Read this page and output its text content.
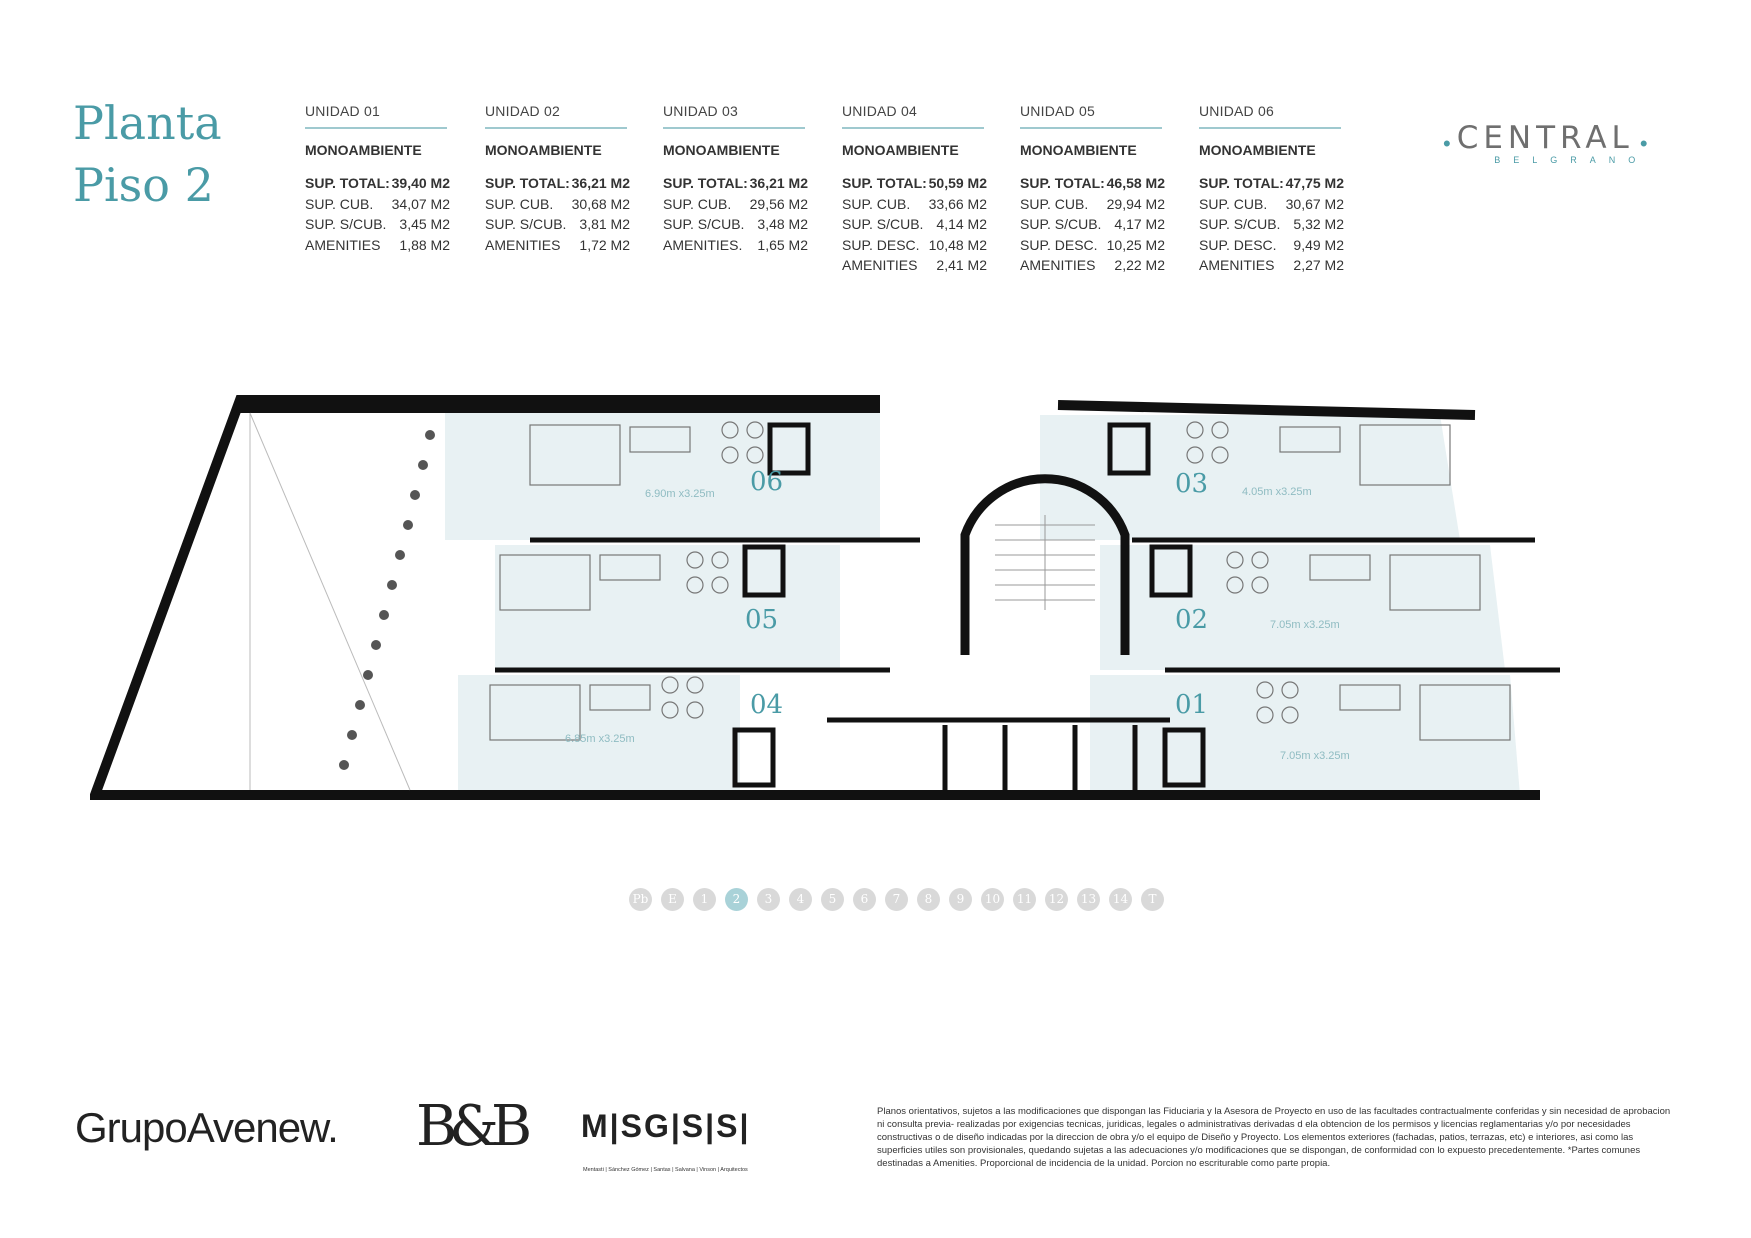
Planta
Piso 2
UNIDAD 01
MONOAMBIENTE
SUP. TOTAL: 39,40 M2
SUP. CUB. 34,07 M2
SUP. S/CUB. 3,45 M2
AMENITIES 1,88 M2
UNIDAD 02
MONOAMBIENTE
SUP. TOTAL: 36,21 M2
SUP. CUB. 30,68 M2
SUP. S/CUB. 3,81 M2
AMENITIES 1,72 M2
UNIDAD 03
MONOAMBIENTE
SUP. TOTAL: 36,21 M2
SUP. CUB. 29,56 M2
SUP. S/CUB. 3,48 M2
AMENITIES. 1,65 M2
UNIDAD 04
MONOAMBIENTE
SUP. TOTAL: 50,59 M2
SUP. CUB. 33,66 M2
SUP. S/CUB. 4,14 M2
SUP. DESC. 10,48 M2
AMENITIES 2,41 M2
UNIDAD 05
MONOAMBIENTE
SUP. TOTAL: 46,58 M2
SUP. CUB. 29,94 M2
SUP. S/CUB. 4,17 M2
SUP. DESC. 10,25 M2
AMENITIES 2,22 M2
UNIDAD 06
MONOAMBIENTE
SUP. TOTAL: 47,75 M2
SUP. CUB. 30,67 M2
SUP. S/CUB. 5,32 M2
SUP. DESC. 9,49 M2
AMENITIES 2,27 M2
• CENTRAL •
BELGRANO
06
05
04
03
02
01
6.90m x3.25m
6.85m x3.25m
4.05m x3.25m
7.05m x3.25m
7.05m x3.25m
Pb	E	1	2	3	4	5	6	7	8	9	10	11	12	13	14	T
GrupoAvenew. B&B M|SG|S|S|
Mentasti | Sánchez Gómez | Santas | Salvana | Vinson | Arquitectos
Planos orientativos, sujetos a las modificaciones que dispongan las Fiduciaria y la Asesora de Proyecto en uso de las facultades contractualmente conferidas y sin necesidad de aprobacion ni consulta previa- realizadas por exigencias tecnicas, juridicas, legales o administrativas derivadas d ela obtencion de los permisos y licencias reglamentarias y/o por necesidades constructivas o de diseño indicadas por la direccion de obra y/o el equipo de Diseño y Proyecto. Los elementos exteriores (fachadas, patios, terrazas, etc) e interiores, asi como las superficies utiles son provisionales, quedando sujetas a las adecuaciones y/o modificaciones que se dispongan, de conformidad con lo expuesto precedentemente. *Partes comunes destinadas a Amenities. Proporcional de incidencia de la unidad. Porcion no escriturable como parte propia.
